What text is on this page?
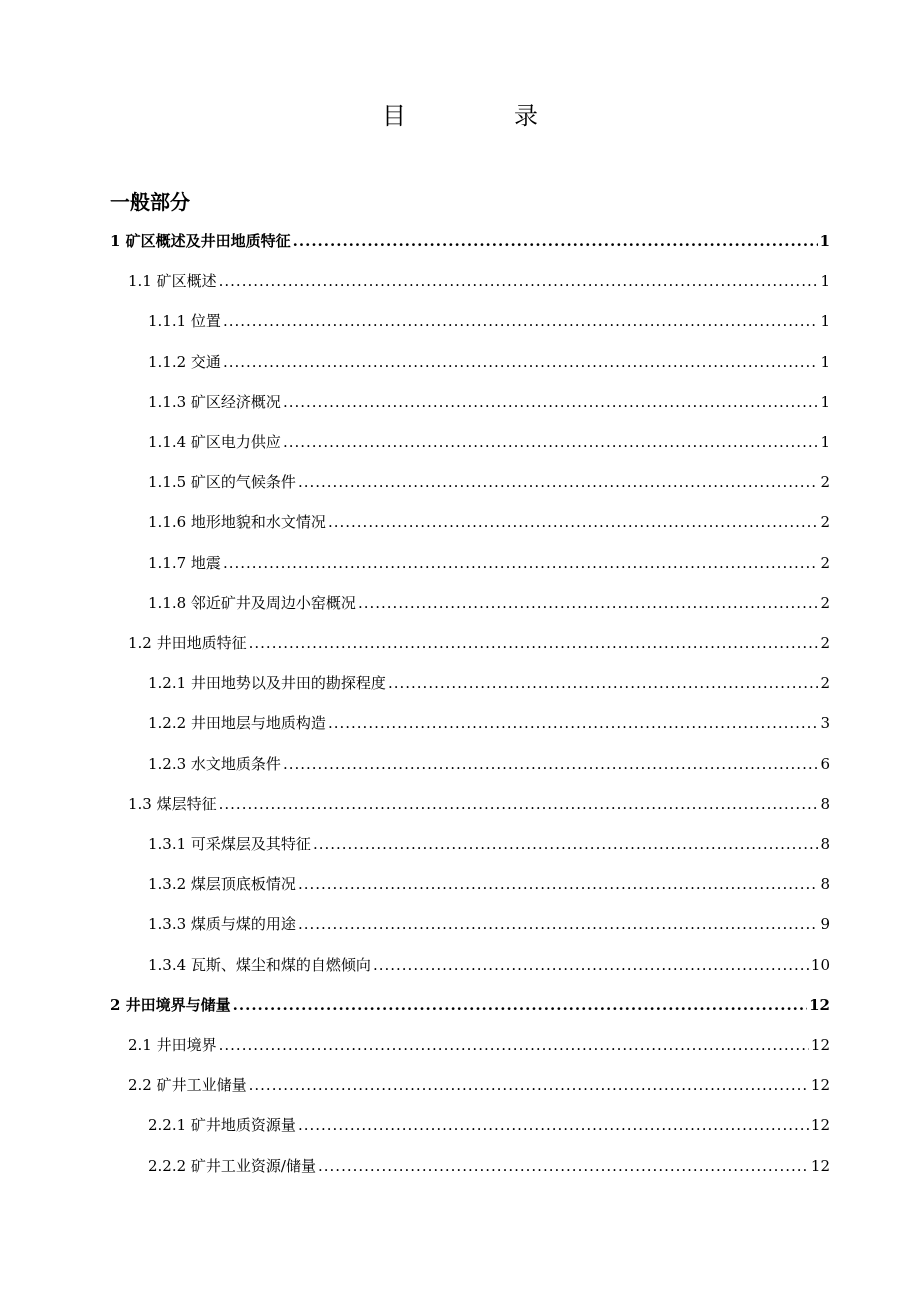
目　录
一般部分
1 矿区概述及井田地质特征 .....	1
1.1 矿区概述 .....	1
1.1.1 位置 .....	1
1.1.2 交通 .....	1
1.1.3 矿区经济概况 .....	1
1.1.4 矿区电力供应 .....	1
1.1.5 矿区的气候条件 .....	2
1.1.6 地形地貌和水文情况 .....	2
1.1.7 地震 .....	2
1.1.8 邻近矿井及周边小窑概况 .....	2
1.2 井田地质特征 .....	2
1.2.1 井田地势以及井田的勘探程度 .....	2
1.2.2 井田地层与地质构造 .....	3
1.2.3 水文地质条件 .....	6
1.3 煤层特征 .....	8
1.3.1 可采煤层及其特征 .....	8
1.3.2 煤层顶底板情况 .....	8
1.3.3 煤质与煤的用途 .....	9
1.3.4 瓦斯、煤尘和煤的自燃倾向 .....	10
2 井田境界与储量 .....	12
2.1 井田境界 .....	12
2.2 矿井工业储量 .....	12
2.2.1 矿井地质资源量 .....	12
2.2.2 矿井工业资源/储量 .....	12
